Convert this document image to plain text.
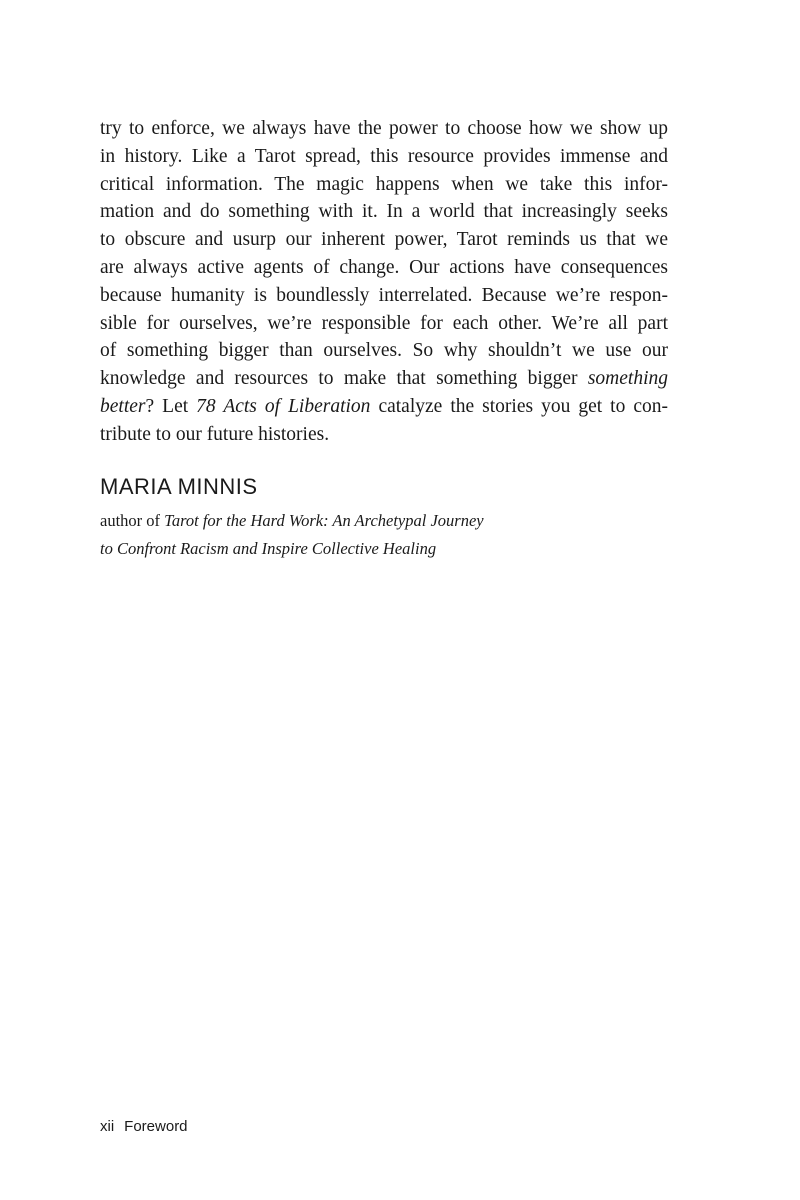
try to enforce, we always have the power to choose how we show up
in history. Like a Tarot spread, this resource provides immense and
critical information. The magic happens when we take this infor-
mation and do something with it. In a world that increasingly seeks
to obscure and usurp our inherent power, Tarot reminds us that we
are always active agents of change. Our actions have consequences
because humanity is boundlessly interrelated. Because we’re respon-
sible for ourselves, we’re responsible for each other. We’re all part
of something bigger than ourselves. So why shouldn’t we use our
knowledge and resources to make that something bigger something
better? Let 78 Acts of Liberation catalyze the stories you get to con-
tribute to our future histories.
MARIA MINNIS
author of Tarot for the Hard Work: An Archetypal Journey
to Confront Racism and Inspire Collective Healing
xii Foreword
